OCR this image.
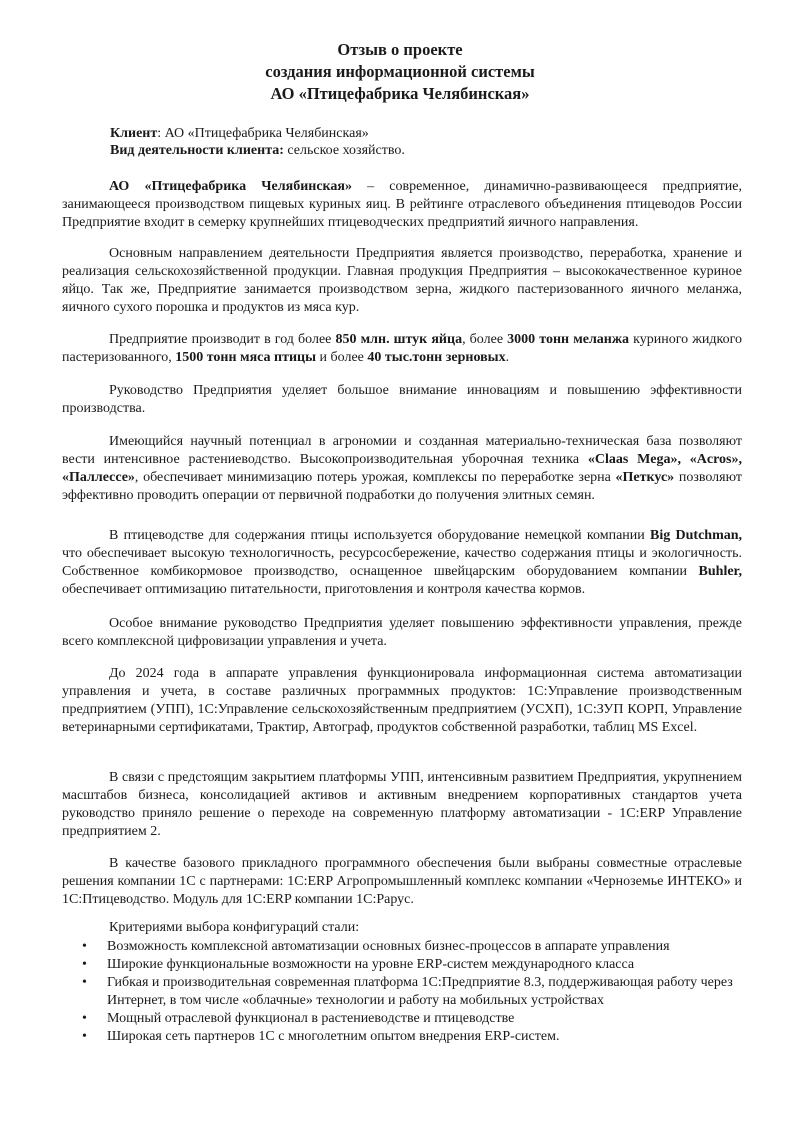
Отзыв о проекте
создания информационной системы
АО «Птицефабрика Челябинская»
Клиент: АО «Птицефабрика Челябинская»
Вид деятельности клиента: сельское хозяйство.
АО «Птицефабрика Челябинская» – современное, динамично-развивающееся предприятие, занимающееся производством пищевых куриных яиц. В рейтинге отраслевого объединения птицеводов России Предприятие входит в семерку крупнейших птицеводческих предприятий яичного направления.
Основным направлением деятельности Предприятия является производство, переработка, хранение и реализация сельскохозяйственной продукции. Главная продукция Предприятия – высококачественное куриное яйцо. Так же, Предприятие занимается производством зерна, жидкого пастеризованного яичного меланжа, яичного сухого порошка и продуктов из мяса кур.
Предприятие производит в год более 850 млн. штук яйца, более 3000 тонн меланжа куриного жидкого пастеризованного, 1500 тонн мяса птицы и более 40 тыс.тонн зерновых.
Руководство Предприятия уделяет большое внимание инновациям и повышению эффективности производства.
Имеющийся научный потенциал в агрономии и созданная материально-техническая база позволяют вести интенсивное растениеводство. Высокопроизводительная уборочная техника «Claas Mega», «Acros», «Паллессе», обеспечивает минимизацию потерь урожая, комплексы по переработке зерна «Петкус» позволяют эффективно проводить операции от первичной подработки до получения элитных семян.
В птицеводстве для содержания птицы используется оборудование немецкой компании Big Dutchman, что обеспечивает высокую технологичность, ресурсосбережение, качество содержания птицы и экологичность. Собственное комбикормовое производство, оснащенное швейцарским оборудованием компании Buhler, обеспечивает оптимизацию питательности, приготовления и контроля качества кормов.
Особое внимание руководство Предприятия уделяет повышению эффективности управления, прежде всего комплексной цифровизации управления и учета.
До 2024 года в аппарате управления функционировала информационная система автоматизации управления и учета, в составе различных программных продуктов: 1С:Управление производственным предприятием (УПП), 1С:Управление сельскохозяйственным предприятием (УСХП), 1С:ЗУП КОРП, Управление ветеринарными сертификатами, Трактир, Автограф, продуктов собственной разработки, таблиц MS Excel.
В связи с предстоящим закрытием платформы УПП, интенсивным развитием Предприятия, укрупнением масштабов бизнеса, консолидацией активов и активным внедрением корпоративных стандартов учета руководство приняло решение о переходе на современную платформу автоматизации - 1С:ERP Управление предприятием 2.
В качестве базового прикладного программного обеспечения были выбраны совместные отраслевые решения компании 1С с партнерами: 1С:ERP Агропромышленный комплекс компании «Черноземье ИНТЕКО» и 1С:Птицеводство. Модуль для 1С:ERP компании 1С:Рарус.
Критериями выбора конфигураций стали:
• Возможность комплексной автоматизации основных бизнес-процессов в аппарате управления
• Широкие функциональные возможности на уровне ERP-систем международного класса
• Гибкая и производительная современная платформа 1С:Предприятие 8.3, поддерживающая работу через Интернет, в том числе «облачные» технологии и работу на мобильных устройствах
• Мощный отраслевой функционал в растениеводстве и птицеводстве
• Широкая сеть партнеров 1С с многолетним опытом внедрения ERP-систем.
